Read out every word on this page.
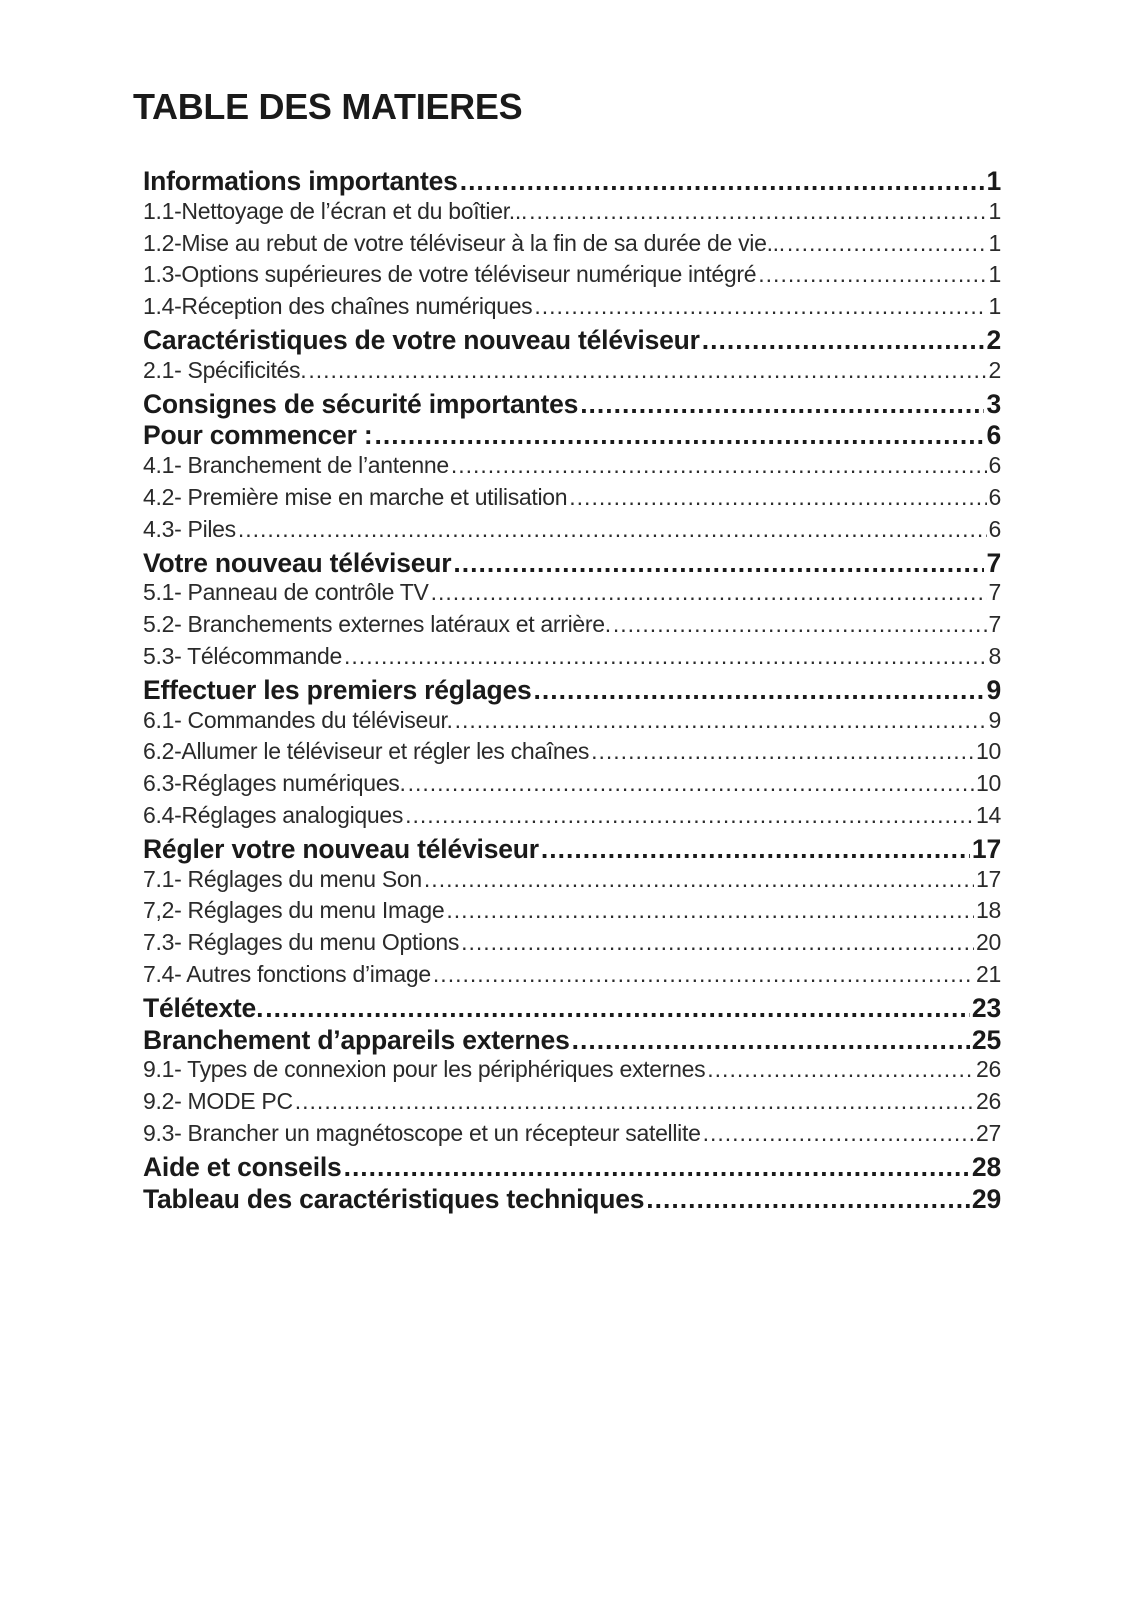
TABLE DES MATIERES
Informations importantes .....	1
1.1-Nettoyage de l’écran et du boîtier... .....	1
1.2-Mise au rebut de votre téléviseur à la fin de sa durée de vie... .....	1
1.3-Options supérieures de votre téléviseur numérique intégré .....	1
1.4-Réception des chaînes numériques .....	1
Caractéristiques de votre nouveau téléviseur .....	2
2.1- Spécificités. .....	2
Consignes de sécurité importantes .....	3
Pour commencer : .....	6
4.1- Branchement de l’antenne .....	6
4.2- Première mise en marche et utilisation .....	6
4.3- Piles .....	6
Votre nouveau téléviseur .....	7
5.1- Panneau de contrôle TV .....	7
5.2- Branchements externes latéraux et arrière. .....	7
5.3- Télécommande .....	8
Effectuer les premiers réglages .....	9
6.1- Commandes du téléviseur. .....	9
6.2-Allumer le téléviseur et régler les chaînes .....	10
6.3-Réglages numériques. .....	10
6.4-Réglages analogiques .....	14
Régler votre nouveau téléviseur .....	17
7.1- Réglages du menu Son .....	17
7,2- Réglages du menu Image .....	18
7.3- Réglages du menu Options .....	20
7.4- Autres fonctions d’image .....	21
Télétexte. .....	23
Branchement d’appareils externes .....	25
9.1- Types de connexion pour les périphériques externes .....	26
9.2- MODE PC .....	26
9.3- Brancher un magnétoscope et un récepteur satellite .....	27
Aide et conseils .....	28
Tableau des caractéristiques techniques .....	29
